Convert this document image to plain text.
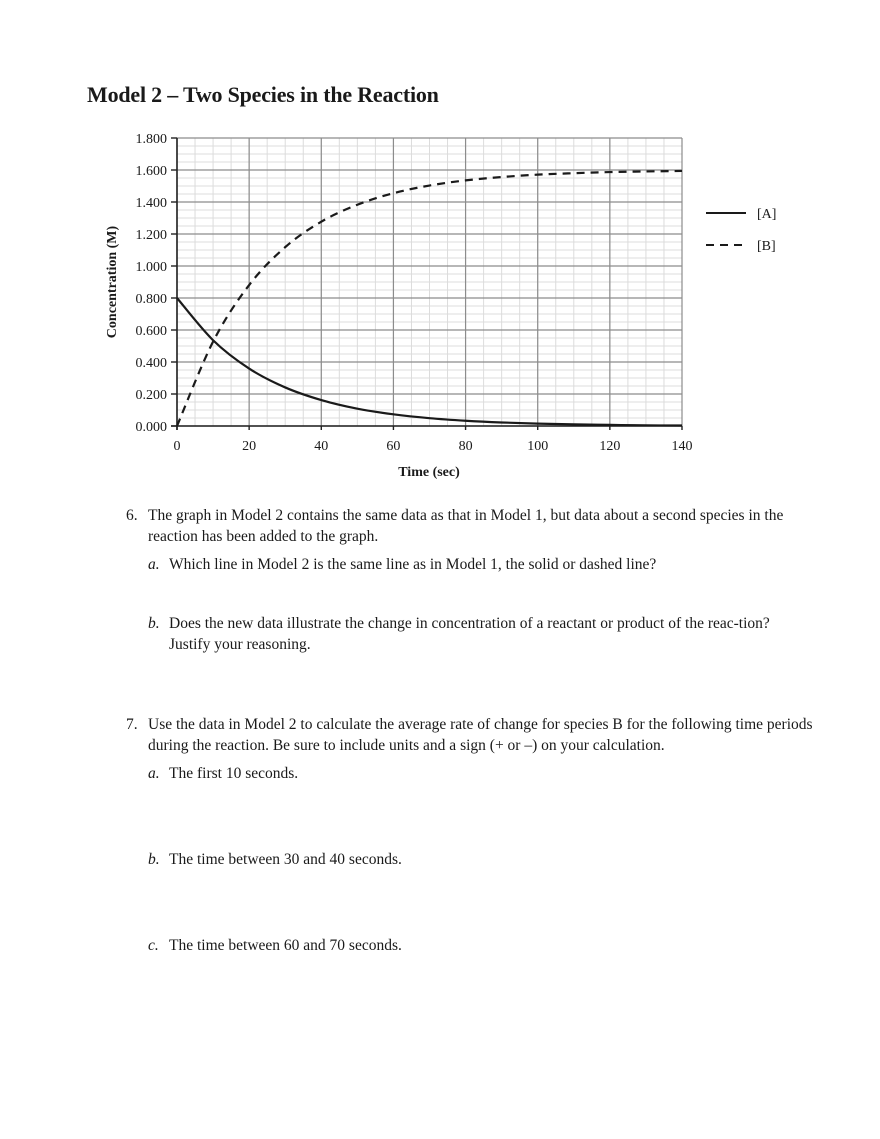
Model 2 – Two Species in the Reaction
0.000
0.200
0.400
0.600
0.800
1.000
1.200
1.400
1.600
1.800
0	20	40	60	80	100	120	140
[A]
[B]
Time (sec)
Concentration (M)
6. The graph in Model 2 contains the same data as that in Model 1, but data about a second species in the reaction has been added to the graph.
a. Which line in Model 2 is the same line as in Model 1, the solid or dashed line?
b. Does the new data illustrate the change in concentration of a reactant or product of the reac-tion? Justify your reasoning.
7. Use the data in Model 2 to calculate the average rate of change for species B for the following time periods during the reaction. Be sure to include units and a sign (+ or –) on your calculation.
a. The first 10 seconds.
b. The time between 30 and 40 seconds.
c. The time between 60 and 70 seconds.
